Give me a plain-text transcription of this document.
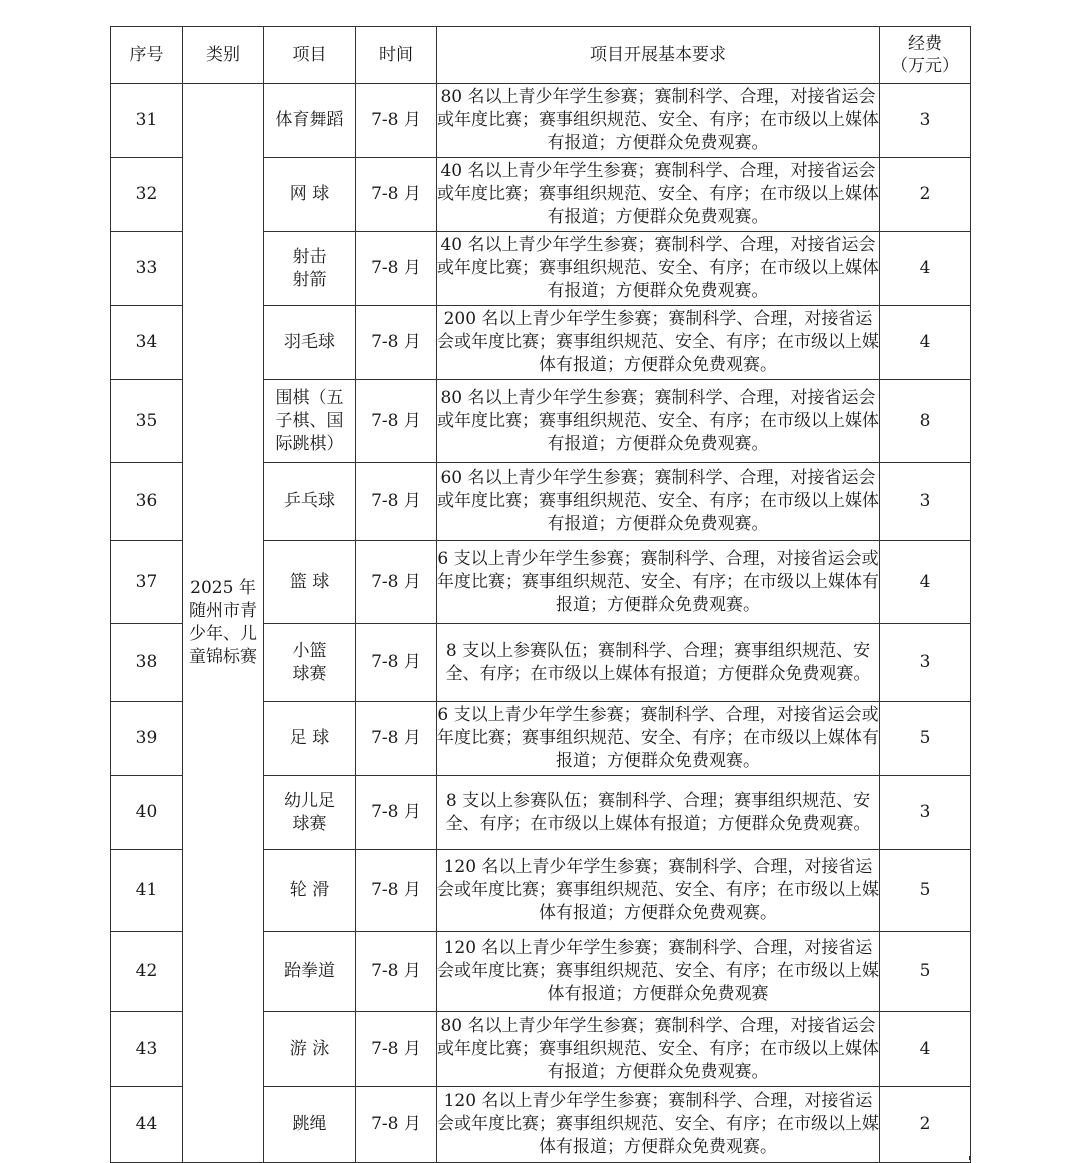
序号	类别	项目	时间	项目开展基本要求	经费
（万元）
31	2025 年随州市青少年、儿童锦标赛	体育舞蹈	7-8 月	80 名以上青少年学生参赛；赛制科学、合理，对接省运会或年度比赛；赛事组织规范、安全、有序；在市级以上媒体有报道；方便群众免费观赛。	3
32		网 球	7-8 月	40 名以上青少年学生参赛；赛制科学、合理，对接省运会或年度比赛；赛事组织规范、安全、有序；在市级以上媒体有报道；方便群众免费观赛。	2
33		射击射箭	7-8 月	40 名以上青少年学生参赛；赛制科学、合理，对接省运会或年度比赛；赛事组织规范、安全、有序；在市级以上媒体有报道；方便群众免费观赛。	4
34		羽毛球	7-8 月	200 名以上青少年学生参赛；赛制科学、合理，对接省运会或年度比赛；赛事组织规范、安全、有序；在市级以上媒体有报道；方便群众免费观赛。	4
35		围棋（五子棋、国际跳棋）	7-8 月	80 名以上青少年学生参赛；赛制科学、合理，对接省运会或年度比赛；赛事组织规范、安全、有序；在市级以上媒体有报道；方便群众免费观赛。	8
36		乒乓球	7-8 月	60 名以上青少年学生参赛；赛制科学、合理，对接省运会或年度比赛；赛事组织规范、安全、有序；在市级以上媒体有报道；方便群众免费观赛。	3
37		篮 球	7-8 月	6 支以上青少年学生参赛；赛制科学、合理，对接省运会或年度比赛；赛事组织规范、安全、有序；在市级以上媒体有报道；方便群众免费观赛。	4
38		小篮球赛	7-8 月	8 支以上参赛队伍；赛制科学、合理；赛事组织规范、安全、有序；在市级以上媒体有报道；方便群众免费观赛。	3
39		足 球	7-8 月	6 支以上青少年学生参赛；赛制科学、合理，对接省运会或年度比赛；赛事组织规范、安全、有序；在市级以上媒体有报道；方便群众免费观赛。	5
40		幼儿足球赛	7-8 月	8 支以上参赛队伍；赛制科学、合理；赛事组织规范、安全、有序；在市级以上媒体有报道；方便群众免费观赛。	3
41		轮 滑	7-8 月	120 名以上青少年学生参赛；赛制科学、合理，对接省运会或年度比赛；赛事组织规范、安全、有序；在市级以上媒体有报道；方便群众免费观赛。	5
42		跆拳道	7-8 月	120 名以上青少年学生参赛；赛制科学、合理，对接省运会或年度比赛；赛事组织规范、安全、有序；在市级以上媒体有报道；方便群众免费观赛	5
43		游 泳	7-8 月	80 名以上青少年学生参赛；赛制科学、合理，对接省运会或年度比赛；赛事组织规范、安全、有序；在市级以上媒体有报道；方便群众免费观赛。	4
44		跳绳	7-8 月	120 名以上青少年学生参赛；赛制科学、合理，对接省运会或年度比赛；赛事组织规范、安全、有序；在市级以上媒体有报道；方便群众免费观赛。	2
